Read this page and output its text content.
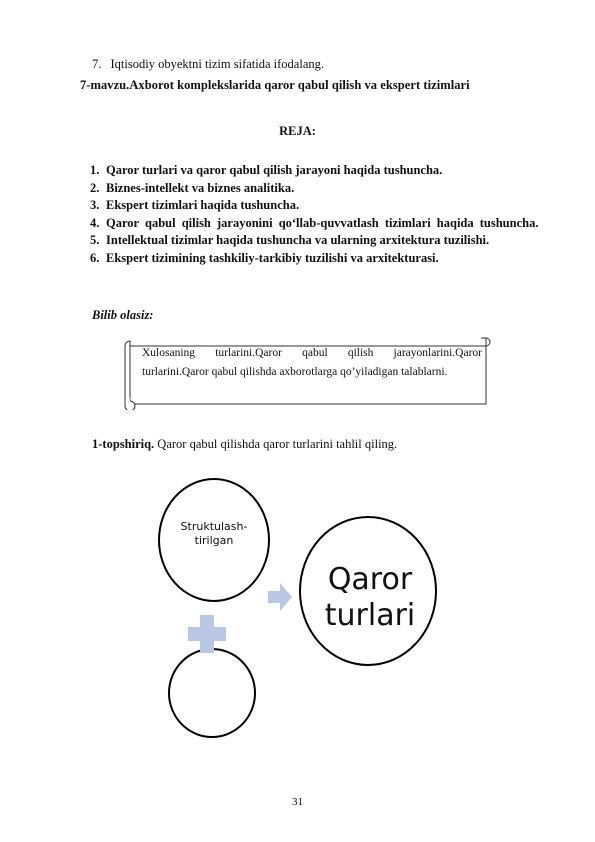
7. Iqtisodiy obyektni tizim sifatida ifodalang.
7-mavzu.Axborot komplekslarida qaror qabul qilish va ekspert tizimlari
REJA:
1. Qaror turlari va qaror qabul qilish jarayoni haqida tushuncha.
2. Biznes-intellekt va biznes analitika.
3. Ekspert tizimlari haqida tushuncha.
4. Qaror qabul qilish jarayonini qo‘llab-quvvatlash tizimlari haqida tushuncha.
5. Intellektual tizimlar haqida tushuncha va ularning arxitektura tuzilishi.
6. Ekspert tizimining tashkiliy-tarkibiy tuzilishi va arxitekturasi.
Bilib olasiz:
Xulosaning turlarini.Qaror qabul qilish jarayonlarini.Qaror turlarini.Qaror qabul qilishda axborotlarga qo’yiladigan talablarni.
1-topshiriq. Qaror qabul qilishda qaror turlarini tahlil qiling.
Struktulash-tirilgan
Qaror turlari
31
